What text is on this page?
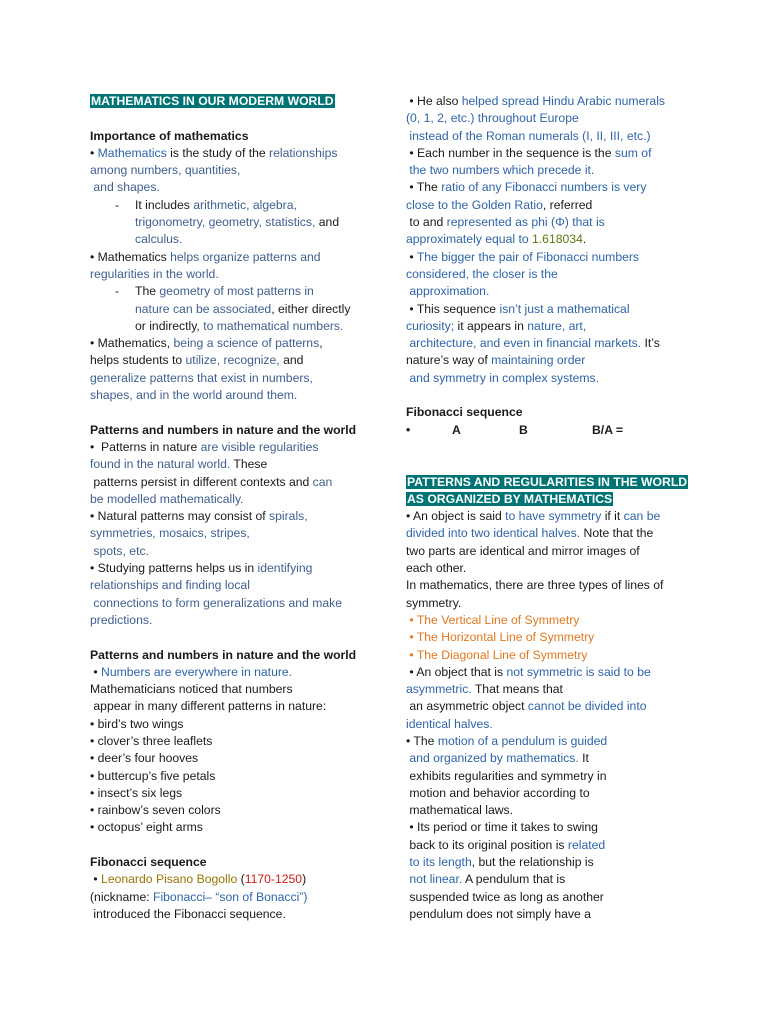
MATHEMATICS IN OUR MODERM WORLD
Importance of mathematics
• Mathematics is the study of the relationships
among numbers, quantities,
and shapes.
-	It includes arithmetic, algebra,
trigonometry, geometry, statistics, and
calculus.
• Mathematics helps organize patterns and
regularities in the world.
-	The geometry of most patterns in
nature can be associated, either directly
or indirectly, to mathematical numbers.
• Mathematics, being a science of patterns,
helps students to utilize, recognize, and
generalize patterns that exist in numbers,
shapes, and in the world around them.
Patterns and numbers in nature and the world
•  Patterns in nature are visible regularities
found in the natural world. These
patterns persist in different contexts and can
be modelled mathematically.
• Natural patterns may consist of spirals,
symmetries, mosaics, stripes,
spots, etc.
• Studying patterns helps us in identifying
relationships and finding local
connections to form generalizations and make
predictions.
Patterns and numbers in nature and the world
• Numbers are everywhere in nature.
Mathematicians noticed that numbers
appear in many different patterns in nature:
• bird’s two wings
• clover’s three leaflets
• deer’s four hooves
• buttercup’s five petals
• insect’s six legs
• rainbow’s seven colors
• octopus’ eight arms
Fibonacci sequence
• Leonardo Pisano Bogollo (1170-1250)
(nickname: Fibonacci– “son of Bonacci”)
introduced the Fibonacci sequence.
• He also helped spread Hindu Arabic numerals
(0, 1, 2, etc.) throughout Europe
instead of the Roman numerals (I, II, III, etc.)
• Each number in the sequence is the sum of
the two numbers which precede it.
• The ratio of any Fibonacci numbers is very
close to the Golden Ratio, referred
to and represented as phi (Φ) that is
approximately equal to 1.618034.
• The bigger the pair of Fibonacci numbers
considered, the closer is the
approximation.
• This sequence isn’t just a mathematical
curiosity; it appears in nature, art,
architecture, and even in financial markets. It’s
nature’s way of maintaining order
and symmetry in complex systems.
Fibonacci sequence
•	A	B	B/A =
PATTERNS AND REGULARITIES IN THE WORLD
AS ORGANIZED BY MATHEMATICS
• An object is said to have symmetry if it can be
divided into two identical halves. Note that the
two parts are identical and mirror images of
each other.
In mathematics, there are three types of lines of
symmetry.
• The Vertical Line of Symmetry
• The Horizontal Line of Symmetry
• The Diagonal Line of Symmetry
• An object that is not symmetric is said to be
asymmetric. That means that
an asymmetric object cannot be divided into
identical halves.
• The motion of a pendulum is guided
and organized by mathematics. It
exhibits regularities and symmetry in
motion and behavior according to
mathematical laws.
• Its period or time it takes to swing
back to its original position is related
to its length, but the relationship is
not linear. A pendulum that is
suspended twice as long as another
pendulum does not simply have a
